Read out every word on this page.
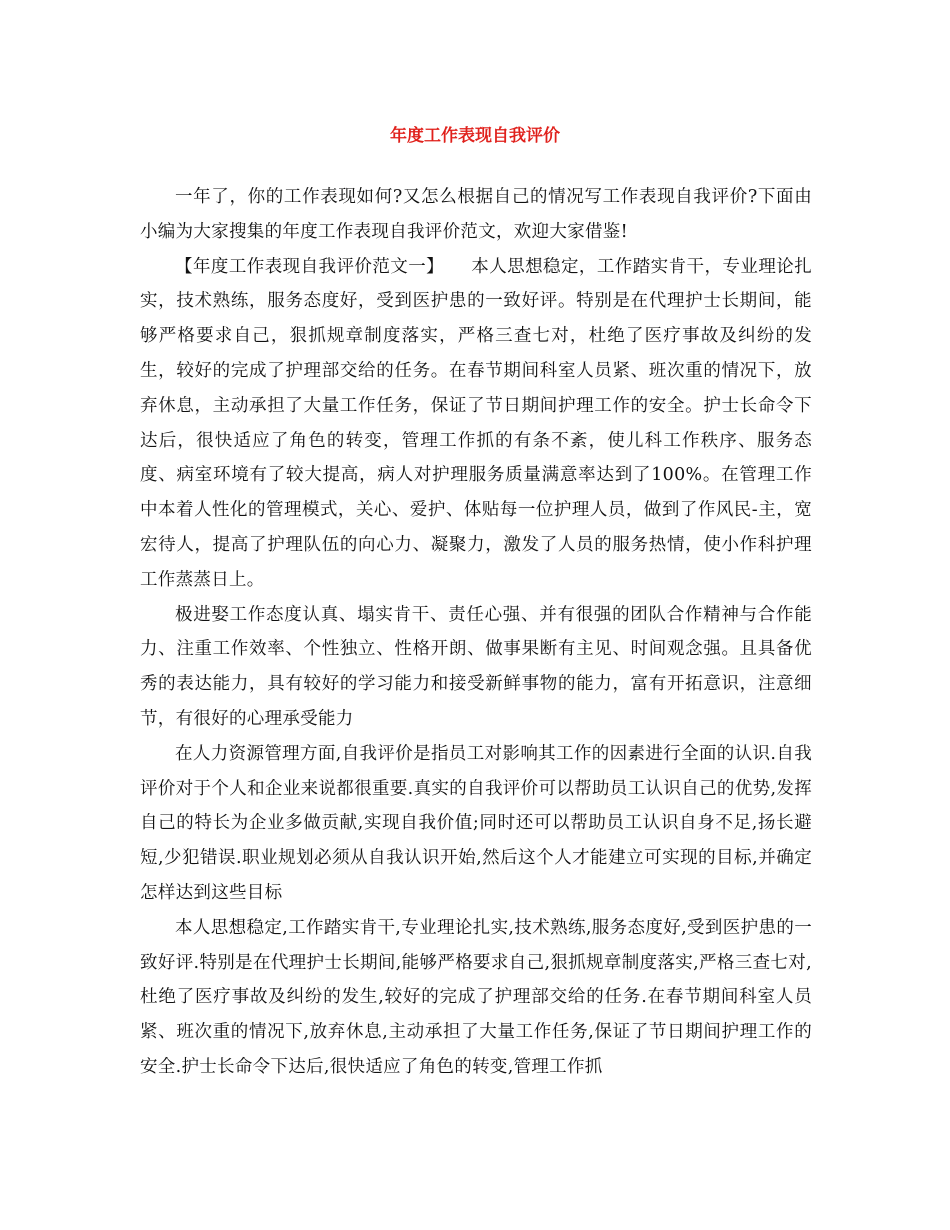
年度工作表现自我评价

一年了，你的工作表现如何?又怎么根据自己的情况写工作表现自我评价?下面由小编为大家搜集的年度工作表现自我评价范文，欢迎大家借鉴!

【年度工作表现自我评价范文一】　　本人思想稳定，工作踏实肯干，专业理论扎实，技术熟练，服务态度好，受到医护患的一致好评。特别是在代理护士长期间，能够严格要求自己，狠抓规章制度落实，严格三查七对，杜绝了医疗事故及纠纷的发生，较好的完成了护理部交给的任务。在春节期间科室人员紧、班次重的情况下，放弃休息，主动承担了大量工作任务，保证了节日期间护理工作的安全。护士长命令下达后，很快适应了角色的转变，管理工作抓的有条不紊，使儿科工作秩序、服务态度、病室环境有了较大提高，病人对护理服务质量满意率达到了100%。在管理工作中本着人性化的管理模式，关心、爱护、体贴每一位护理人员，做到了作风民-主，宽宏待人，提高了护理队伍的向心力、凝聚力，激发了人员的服务热情，使小作科护理工作蒸蒸日上。

极进娶工作态度认真、塌实肯干、责任心强、并有很强的团队合作精神与合作能力、注重工作效率、个性独立、性格开朗、做事果断有主见、时间观念强。且具备优秀的表达能力，具有较好的学习能力和接受新鲜事物的能力，富有开拓意识，注意细节，有很好的心理承受能力

在人力资源管理方面,自我评价是指员工对影响其工作的因素进行全面的认识.自我评价对于个人和企业来说都很重要.真实的自我评价可以帮助员工认识自己的优势,发挥自己的特长为企业多做贡献,实现自我价值;同时还可以帮助员工认识自身不足,扬长避短,少犯错误.职业规划必须从自我认识开始,然后这个人才能建立可实现的目标,并确定怎样达到这些目标

本人思想稳定,工作踏实肯干,专业理论扎实,技术熟练,服务态度好,受到医护患的一致好评.特别是在代理护士长期间,能够严格要求自己,狠抓规章制度落实,严格三查七对,杜绝了医疗事故及纠纷的发生,较好的完成了护理部交给的任务.在春节期间科室人员紧、班次重的情况下,放弃休息,主动承担了大量工作任务,保证了节日期间护理工作的安全.护士长命令下达后,很快适应了角色的转变,管理工作抓
